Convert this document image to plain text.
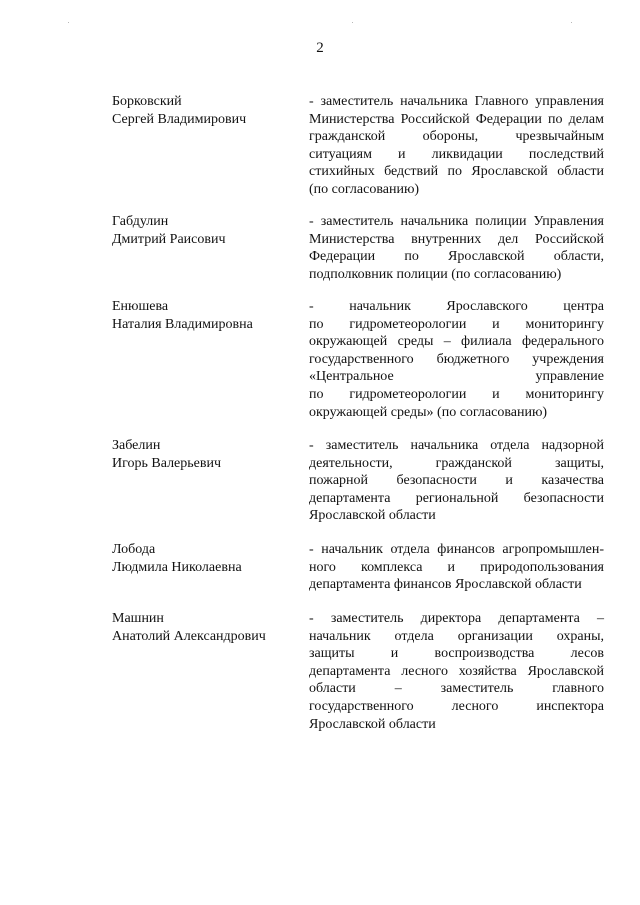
2
Борковский
Сергей Владимирович
- заместитель начальника Главного управления
Министерства Российской Федерации по делам
гражданской обороны, чрезвычайным
ситуациям и ликвидации последствий
стихийных бедствий по Ярославской области
(по согласованию)
Габдулин
Дмитрий Раисович
- заместитель начальника полиции Управления
Министерства внутренних дел Российской
Федерации по Ярославской области,
подполковник полиции (по согласованию)
Енюшева
Наталия Владимировна
- начальник Ярославского центра
по гидрометеорологии и мониторингу
окружающей среды – филиала федерального
государственного бюджетного учреждения
«Центральное управление
по гидрометеорологии и мониторингу
окружающей среды» (по согласованию)
Забелин
Игорь Валерьевич
- заместитель начальника отдела надзорной
деятельности, гражданской защиты,
пожарной безопасности и казачества
департамента региональной безопасности
Ярославской области
Лобода
Людмила Николаевна
- начальник отдела финансов агропромышлен-
ного комплекса и природопользования
департамента финансов Ярославской области
Машнин
Анатолий Александрович
- заместитель директора департамента –
начальник отдела организации охраны,
защиты и воспроизводства лесов
департамента лесного хозяйства Ярославской
области – заместитель главного
государственного лесного инспектора
Ярославской области
